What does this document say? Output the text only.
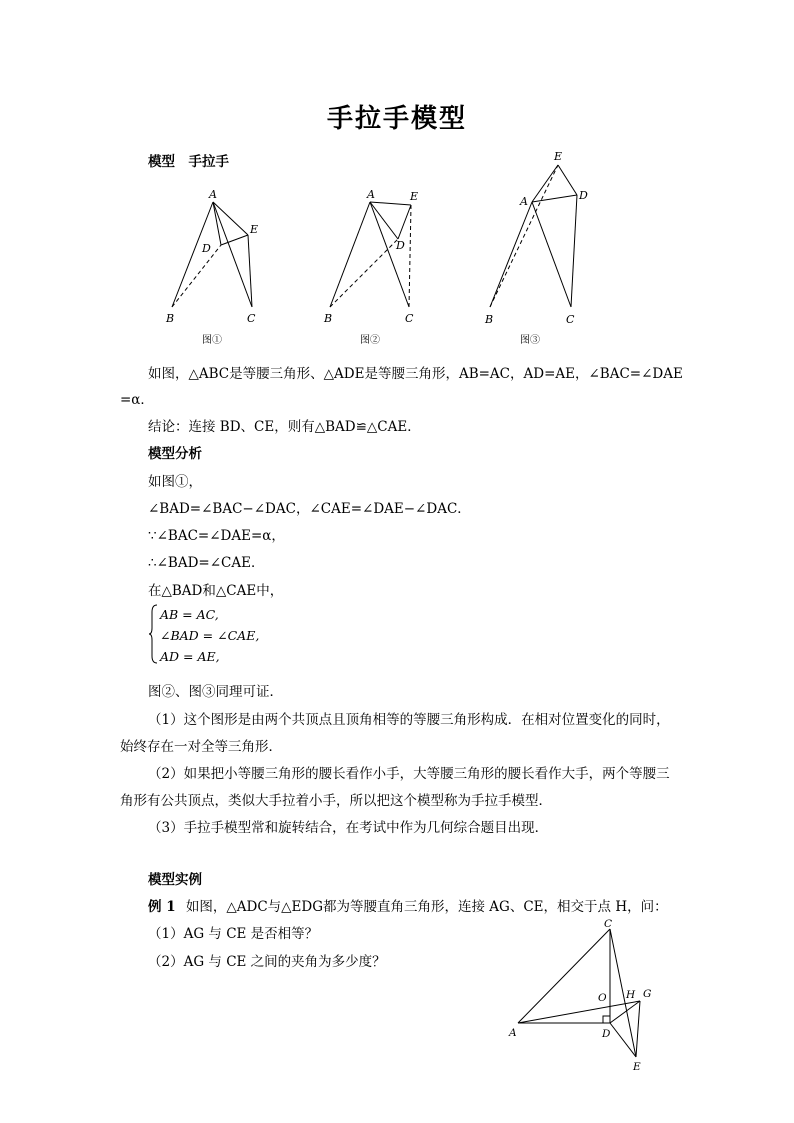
手拉手模型
模型　手拉手
A
B	C
D
E
图①
A
B	C
D
E
图②
E
A	D
B	C
图③
如图，△ABC是等腰三角形、△ADE是等腰三角形，AB=AC，AD=AE，∠BAC=∠DAE
=α．
结论：连接 BD、CE，则有△BAD≌△CAE．
模型分析
如图①，
∠BAD=∠BAC−∠DAC，∠CAE=∠DAE−∠DAC．
∵∠BAC=∠DAE=α，
∴∠BAD=∠CAE．
在△BAD和△CAE中，
AB = AC,
∠BAD = ∠CAE,
AD = AE,
图②、图③同理可证．
（1）这个图形是由两个共顶点且顶角相等的等腰三角形构成．在相对位置变化的同时，
始终存在一对全等三角形．
（2）如果把小等腰三角形的腰长看作小手，大等腰三角形的腰长看作大手，两个等腰三
角形有公共顶点，类似大手拉着小手，所以把这个模型称为手拉手模型．
（3）手拉手模型常和旋转结合，在考试中作为几何综合题目出现．
模型实例
例 1 如图，△ADC与△EDG都为等腰直角三角形，连接 AG、CE，相交于点 H，问：
（1）AG 与 CE 是否相等？
（2）AG 与 CE 之间的夹角为多少度？
C
O H G
A	D
E
